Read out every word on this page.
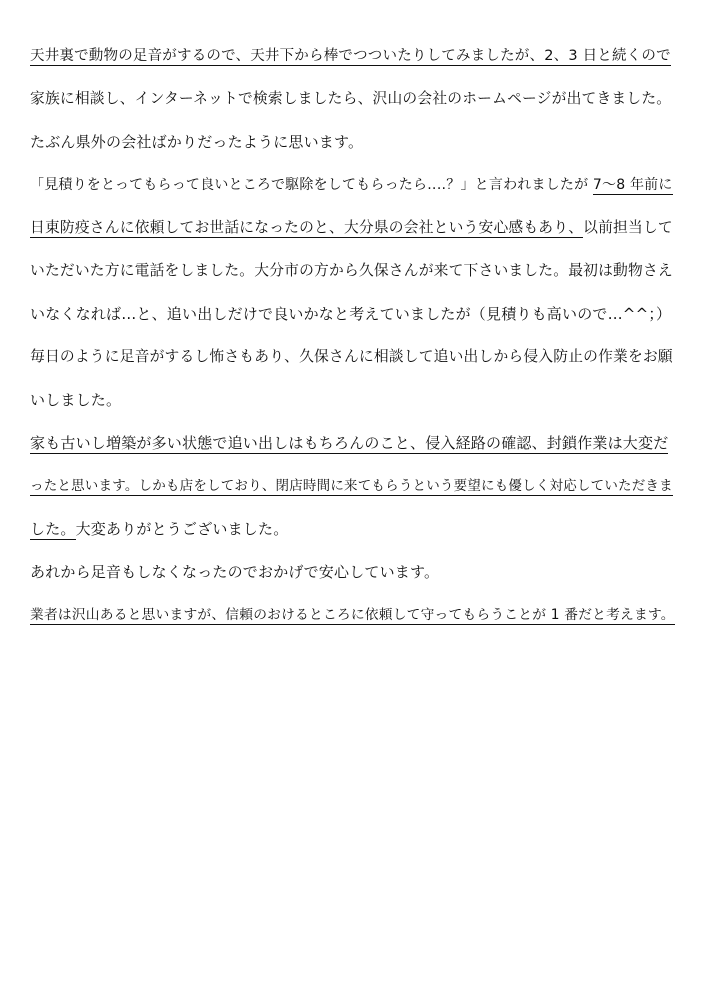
天井裏で動物の足音がするので、天井下から棒でつついたりしてみましたが、2、3 日と続くので
家族に相談し、インターネットで検索しましたら、沢山の会社のホームページが出てきました。
たぶん県外の会社ばかりだったように思います。
「見積りをとってもらって良いところで駆除をしてもらったら‥‥？」と言われましたが 7〜8 年前に
日東防疫さんに依頼してお世話になったのと、大分県の会社という安心感もあり、以前担当して
いただいた方に電話をしました。大分市の方から久保さんが来て下さいました。最初は動物さえ
いなくなれば…と、追い出しだけで良いかなと考えていましたが（見積りも高いので…^^；）
毎日のように足音がするし怖さもあり、久保さんに相談して追い出しから侵入防止の作業をお願
いしました。
家も古いし増築が多い状態で追い出しはもちろんのこと、侵入経路の確認、封鎖作業は大変だ
ったと思います。しかも店をしており、閉店時間に来てもらうという要望にも優しく対応していただきま
した。大変ありがとうございました。
あれから足音もしなくなったのでおかげで安心しています。
業者は沢山あると思いますが、信頼のおけるところに依頼して守ってもらうことが 1 番だと考えます。
